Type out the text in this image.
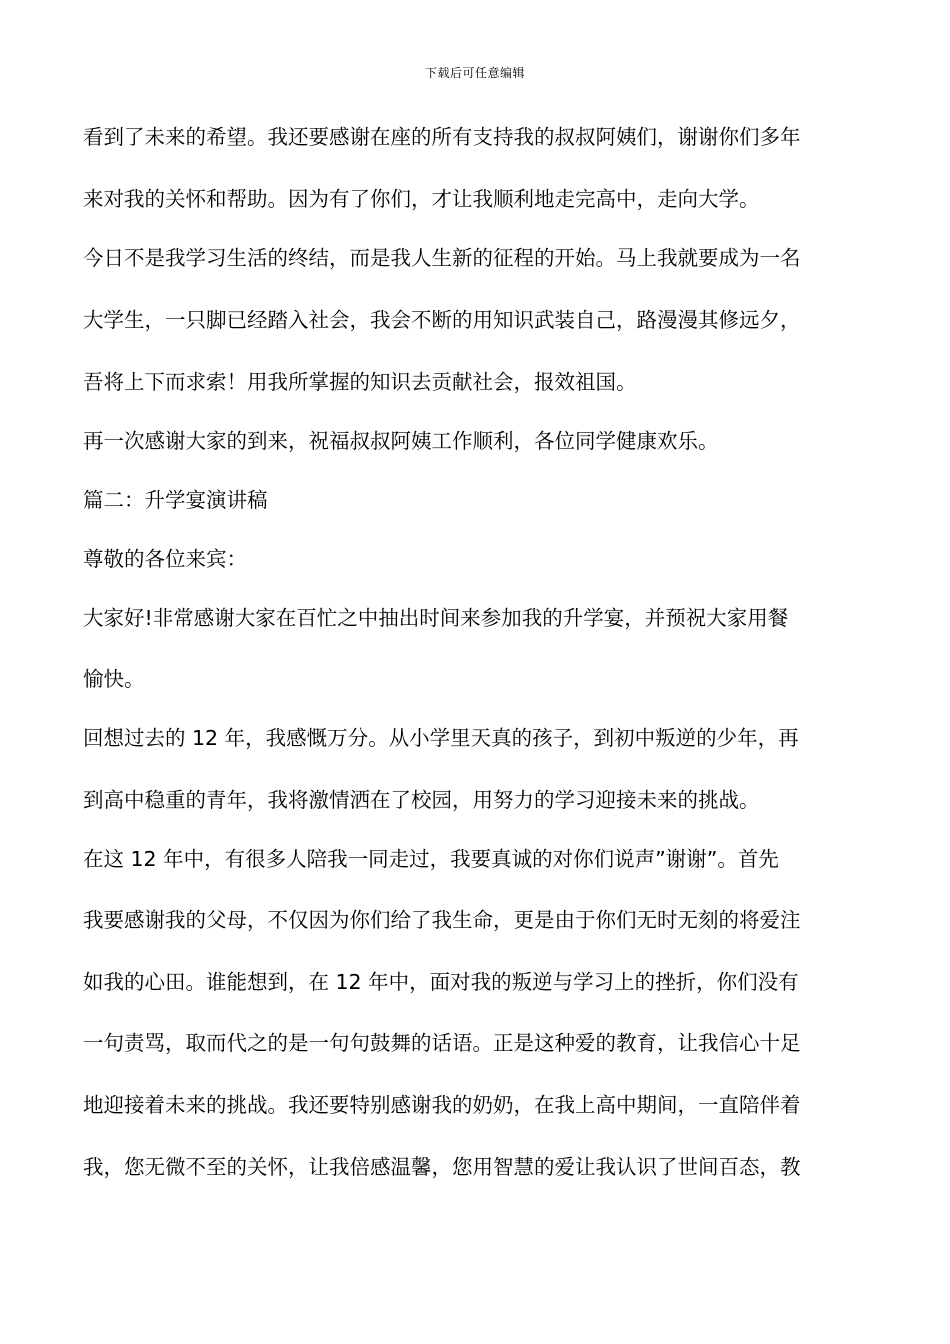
下载后可任意编辑
看到了未来的希望。我还要感谢在座的所有支持我的叔叔阿姨们，谢谢你们多年
来对我的关怀和帮助。因为有了你们，才让我顺利地走完高中，走向大学。
今日不是我学习生活的终结，而是我人生新的征程的开始。马上我就要成为一名
大学生，一只脚已经踏入社会，我会不断的用知识武装自己，路漫漫其修远夕，
吾将上下而求索！用我所掌握的知识去贡献社会，报效祖国。
再一次感谢大家的到来，祝福叔叔阿姨工作顺利，各位同学健康欢乐。
篇二：升学宴演讲稿
尊敬的各位来宾：
大家好!非常感谢大家在百忙之中抽出时间来参加我的升学宴，并预祝大家用餐
愉快。
回想过去的 12 年，我感慨万分。从小学里天真的孩子，到初中叛逆的少年，再
到高中稳重的青年，我将激情洒在了校园，用努力的学习迎接未来的挑战。
在这 12 年中，有很多人陪我一同走过，我要真诚的对你们说声”谢谢”。首先
我要感谢我的父母，不仅因为你们给了我生命，更是由于你们无时无刻的将爱注
如我的心田。谁能想到，在 12 年中，面对我的叛逆与学习上的挫折，你们没有
一句责骂，取而代之的是一句句鼓舞的话语。正是这种爱的教育，让我信心十足
地迎接着未来的挑战。我还要特别感谢我的奶奶，在我上高中期间，一直陪伴着
我，您无微不至的关怀，让我倍感温馨，您用智慧的爱让我认识了世间百态，教
